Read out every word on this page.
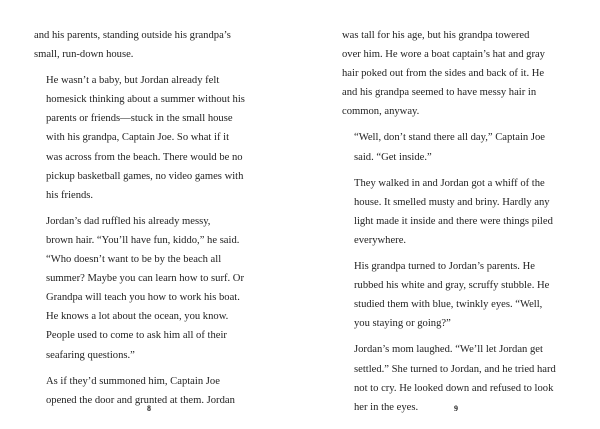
and his parents, standing outside his grandpa’s
small, run-down house.

He wasn’t a baby, but Jordan already felt
homesick thinking about a summer without his
parents or friends—stuck in the small house
with his grandpa, Captain Joe. So what if it
was across from the beach. There would be no
pickup basketball games, no video games with
his friends.

Jordan’s dad ruffled his already messy,
brown hair. “You’ll have fun, kiddo,” he said.
“Who doesn’t want to be by the beach all
summer? Maybe you can learn how to surf. Or
Grandpa will teach you how to work his boat.
He knows a lot about the ocean, you know.
People used to come to ask him all of their
seafaring questions.”

As if they’d summoned him, Captain Joe
opened the door and grunted at them. Jordan

8

was tall for his age, but his grandpa towered
over him. He wore a boat captain’s hat and gray
hair poked out from the sides and back of it. He
and his grandpa seemed to have messy hair in
common, anyway.

“Well, don’t stand there all day,” Captain Joe
said. “Get inside.”

They walked in and Jordan got a whiff of the
house. It smelled musty and briny. Hardly any
light made it inside and there were things piled
everywhere.

His grandpa turned to Jordan’s parents. He
rubbed his white and gray, scruffy stubble. He
studied them with blue, twinkly eyes. “Well,
you staying or going?”

Jordan’s mom laughed. “We’ll let Jordan get
settled.” She turned to Jordan, and he tried hard
not to cry. He looked down and refused to look
her in the eyes.	9
